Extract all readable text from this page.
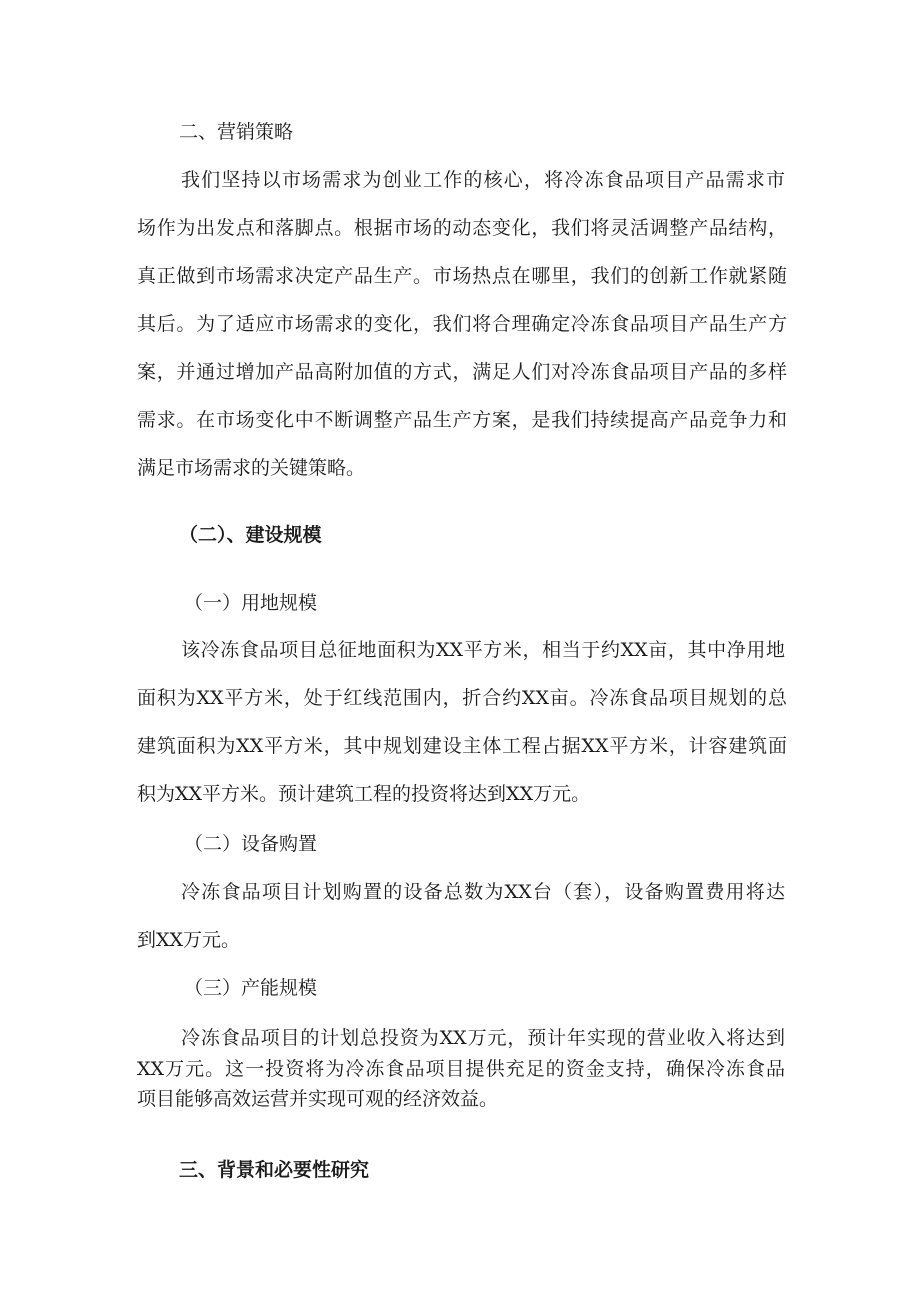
二、营销策略
我们坚持以市场需求为创业工作的核心，将冷冻食品项目产品需求市
场作为出发点和落脚点。根据市场的动态变化，我们将灵活调整产品结构，
真正做到市场需求决定产品生产。市场热点在哪里，我们的创新工作就紧随
其后。为了适应市场需求的变化，我们将合理确定冷冻食品项目产品生产方
案，并通过增加产品高附加值的方式，满足人们对冷冻食品项目产品的多样
需求。在市场变化中不断调整产品生产方案，是我们持续提高产品竞争力和
满足市场需求的关键策略。
（二）、建设规模
（一）用地规模
该冷冻食品项目总征地面积为XX平方米，相当于约XX亩，其中净用地
面积为XX平方米，处于红线范围内，折合约XX亩。冷冻食品项目规划的总
建筑面积为XX平方米，其中规划建设主体工程占据XX平方米，计容建筑面
积为XX平方米。预计建筑工程的投资将达到XX万元。
（二）设备购置
冷冻食品项目计划购置的设备总数为XX台（套），设备购置费用将达
到XX万元。
（三）产能规模
冷冻食品项目的计划总投资为XX万元，预计年实现的营业收入将达到
XX万元。这一投资将为冷冻食品项目提供充足的资金支持，确保冷冻食品
项目能够高效运营并实现可观的经济效益。
三、背景和必要性研究
